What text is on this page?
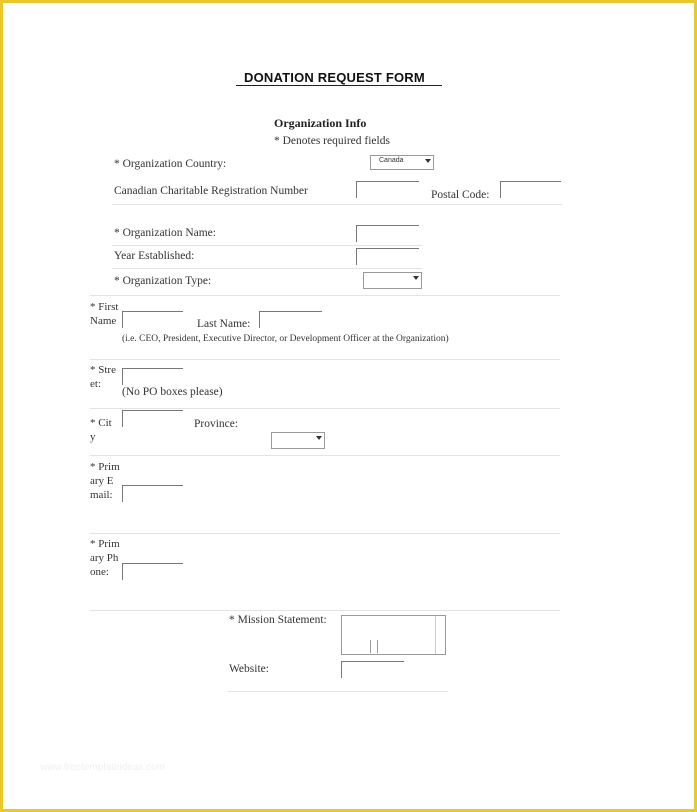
DONATION REQUEST FORM
Organization Info
* Denotes required fields
* Organization Country:	Canada
Canadian Charitable Registration Number	Postal Code:
* Organization Name:
Year Established:
* Organization Type:
* First Name	Last Name:
(i.e. CEO, President, Executive Director, or Development Officer at the Organization)
* Street:
(No PO boxes please)
* City
Province:
* Primary Email:
* Primary Phone:
* Mission Statement:
Website:
www.freetemplateideas.com
